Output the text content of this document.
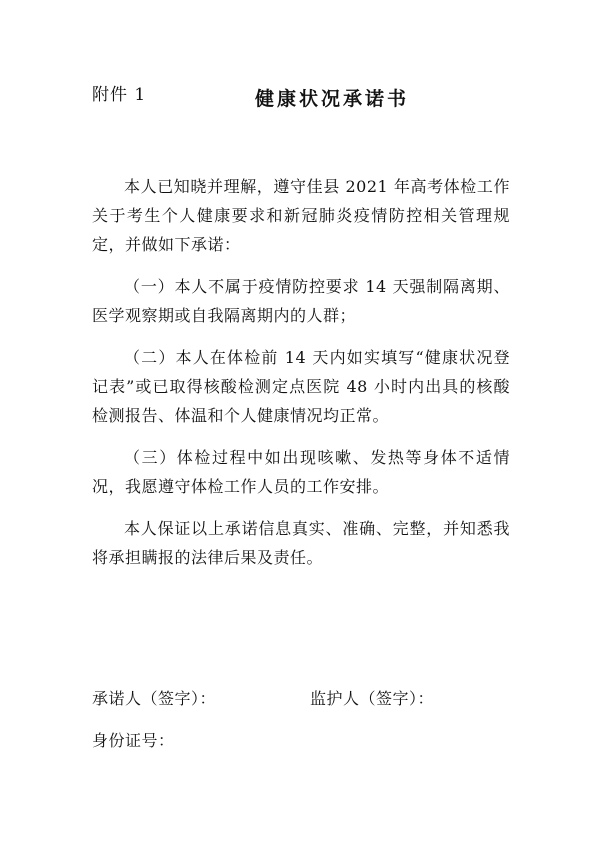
附件 1	健康状况承诺书

本人已知晓并理解，遵守佳县 2021 年高考体检工作关于考生个人健康要求和新冠肺炎疫情防控相关管理规定，并做如下承诺：

（一）本人不属于疫情防控要求 14 天强制隔离期、医学观察期或自我隔离期内的人群；

（二）本人在体检前 14 天内如实填写“健康状况登记表”或已取得核酸检测定点医院 48 小时内出具的核酸检测报告、体温和个人健康情况均正常。

（三）体检过程中如出现咳嗽、发热等身体不适情况，我愿遵守体检工作人员的工作安排。

本人保证以上承诺信息真实、准确、完整，并知悉我将承担瞒报的法律后果及责任。

承诺人（签字）：	监护人（签字）：
身份证号：
